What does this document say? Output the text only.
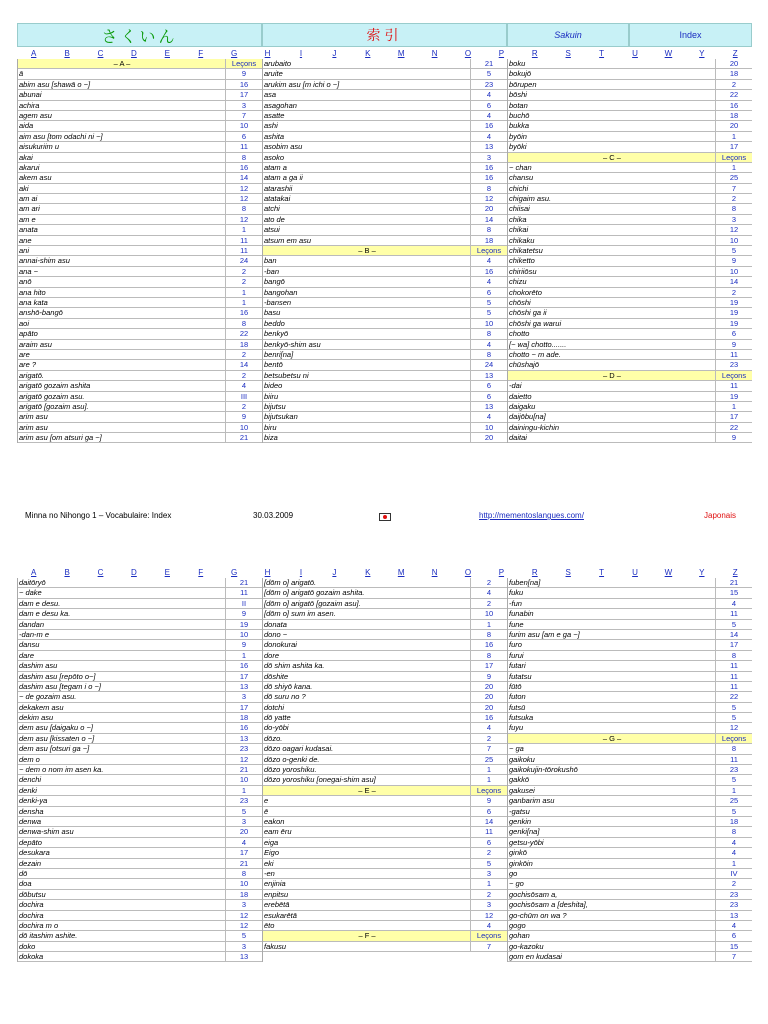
さくいん	索引	Sakuin	Index
A	B	C	D	E	F	G	H	I	J	K	M	N	O	P	R	S	T	U	W	Y	Z
– A –	Leçons
ā	9
abim asu [shawā o ~]	16
abunai	17
achira	3
agem asu	7
aida	10
aim asu [tom odachi ni ~]	6
aisukuriim u	11
akai	8
akarui	16
akem asu	14
aki	12
am ai	12
am ari	8
am e	12
anata	1
ane	11
ani	11
annai-shim asu	24
ana ~	2
anō	2
ana hito	1
ana kata	1
anshō-bangō	16
aoi	8
apāto	22
araim asu	18
are	2
are ?	14
arigatō.	2
arigatō gozaim ashita	4
arigatō gozaim asu.	III
arigatō [gozaim asu].	2
arim asu	9
arim asu	10
arim asu [om atsuri ga ~]	21
arubaito	21
aruite	5
arukim asu [m ichi o ~]	23
asa	4
asagohan	6
asatte	4
ashi	16
ashita	4
asobim asu	13
asoko	3
atam a	16
atam a ga ii	16
atarashii	8
atatakai	12
atchi	20
ato de	14
atsui	8
atsum em asu	18
– B –	Leçons
ban	4
-ban	16
bangō	4
bangohan	6
-bansen	5
basu	5
beddo	10
benkyō	8
benkyō-shim asu	4
benri[na]	8
bentō	24
betsubetsu ni	13
bideo	6
biiru	6
bijutsu	13
bijutsukan	4
biru	10
biza	20
boku	20
bokujō	18
bōrupen	2
bōshi	22
botan	16
buchō	18
bukka	20
byōin	1
byōki	17
– C –	Leçons
~ chan	1
chansu	25
chichi	7
chigaim asu.	2
chiisai	8
chika	3
chikai	12
chikaku	10
chikatetsu	5
chiketto	9
chiriiōsu	10
chizu	14
chokorēto	2
chōshi	19
chōshi ga ii	19
chōshi ga warui	19
chotto	6
[~ wa] chotto.......	9
chotto ~ m ade.	11
chūshajō	23
– D –	Leçons
-dai	11
daietto	19
daigaku	1
daijōbu[na]	17
dainingu-kichin	22
daitai	9
Minna no Nihongo 1 – Vocabulaire: Index	30.03.2009	http://mementoslangues.com/	Japonais
A	B	C	D	E	F	G	H	I	J	K	M	N	O	P	R	S	T	U	W	Y	Z
daitōryō	21
~ dake	11
dam e desu.	II
dam e desu ka.	9
dandan	19
-dan-m e	10
dansu	9
dare	1
dashim asu	16
dashim asu [repōto o~]	17
dashim asu [tegam i o ~]	13
~ de gozaim asu.	3
dekakem asu	17
dekim asu	18
dem asu [daigaku o ~]	16
dem asu [kissaten o ~]	13
dem asu [otsuri ga ~]	23
dem o	12
~ dem o nom im asen ka.	21
denchi	10
denki	1
denki-ya	23
densha	5
denwa	3
denwa-shim asu	20
depāto	4
desukara	17
dezain	21
dō	8
doa	10
dōbutsu	18
dochira	3
dochira	12
dochira m o	12
dō itashim ashite.	5
doko	3
dokoka	13
[dōm o] arigatō.	2
[dōm o] arigatō gozaim ashita.	4
[dōm o] arigatō [gozaim asu].	2
[dōm o] sum im asen.	10
donata	1
dono ~	8
donokurai	16
dore	8
dō shim ashita ka.	17
dōshite	9
dō shiyō kana.	20
dō suru no ?	20
dotchi	20
dō yatte	16
do-yōbi	4
dōzo.	2
dōzo oagari kudasai.	7
dōzo o-genki de.	25
dōzo yoroshiku.	1
dōzo yoroshiku [onegai-shim asu]	1
– E –	Leçons
e	9
ē	6
eakon	14
eam ēru	11
eiga	6
Eigo	2
eki	5
-en	3
enjinia	1
enpitsu	2
erebētā	3
esukarētā	12
ēto	4
– F –	Leçons
fakusu	7
fuben[na]	21
fuku	15
-fun	4
funabin	11
fune	5
furim asu [am e ga ~]	14
furo	17
furui	8
futari	11
futatsu	11
fūtō	11
futon	22
futsū	5
futsuka	5
fuyu	12
– G –	Leçons
~ ga	8
gaikoku	11
gaikokujin-tōrokushō	23
gakkō	5
gakusei	1
ganbarim asu	25
-gatsu	5
genkin	18
genki[na]	8
getsu-yōbi	4
ginkō	4
ginkōin	1
go	IV
~ go	2
gochisōsam a,	23
gochisōsam a [deshita],	23
go-chūm on wa ?	13
gogo	4
gohan	6
go-kazoku	15
gom en kudasai	7
